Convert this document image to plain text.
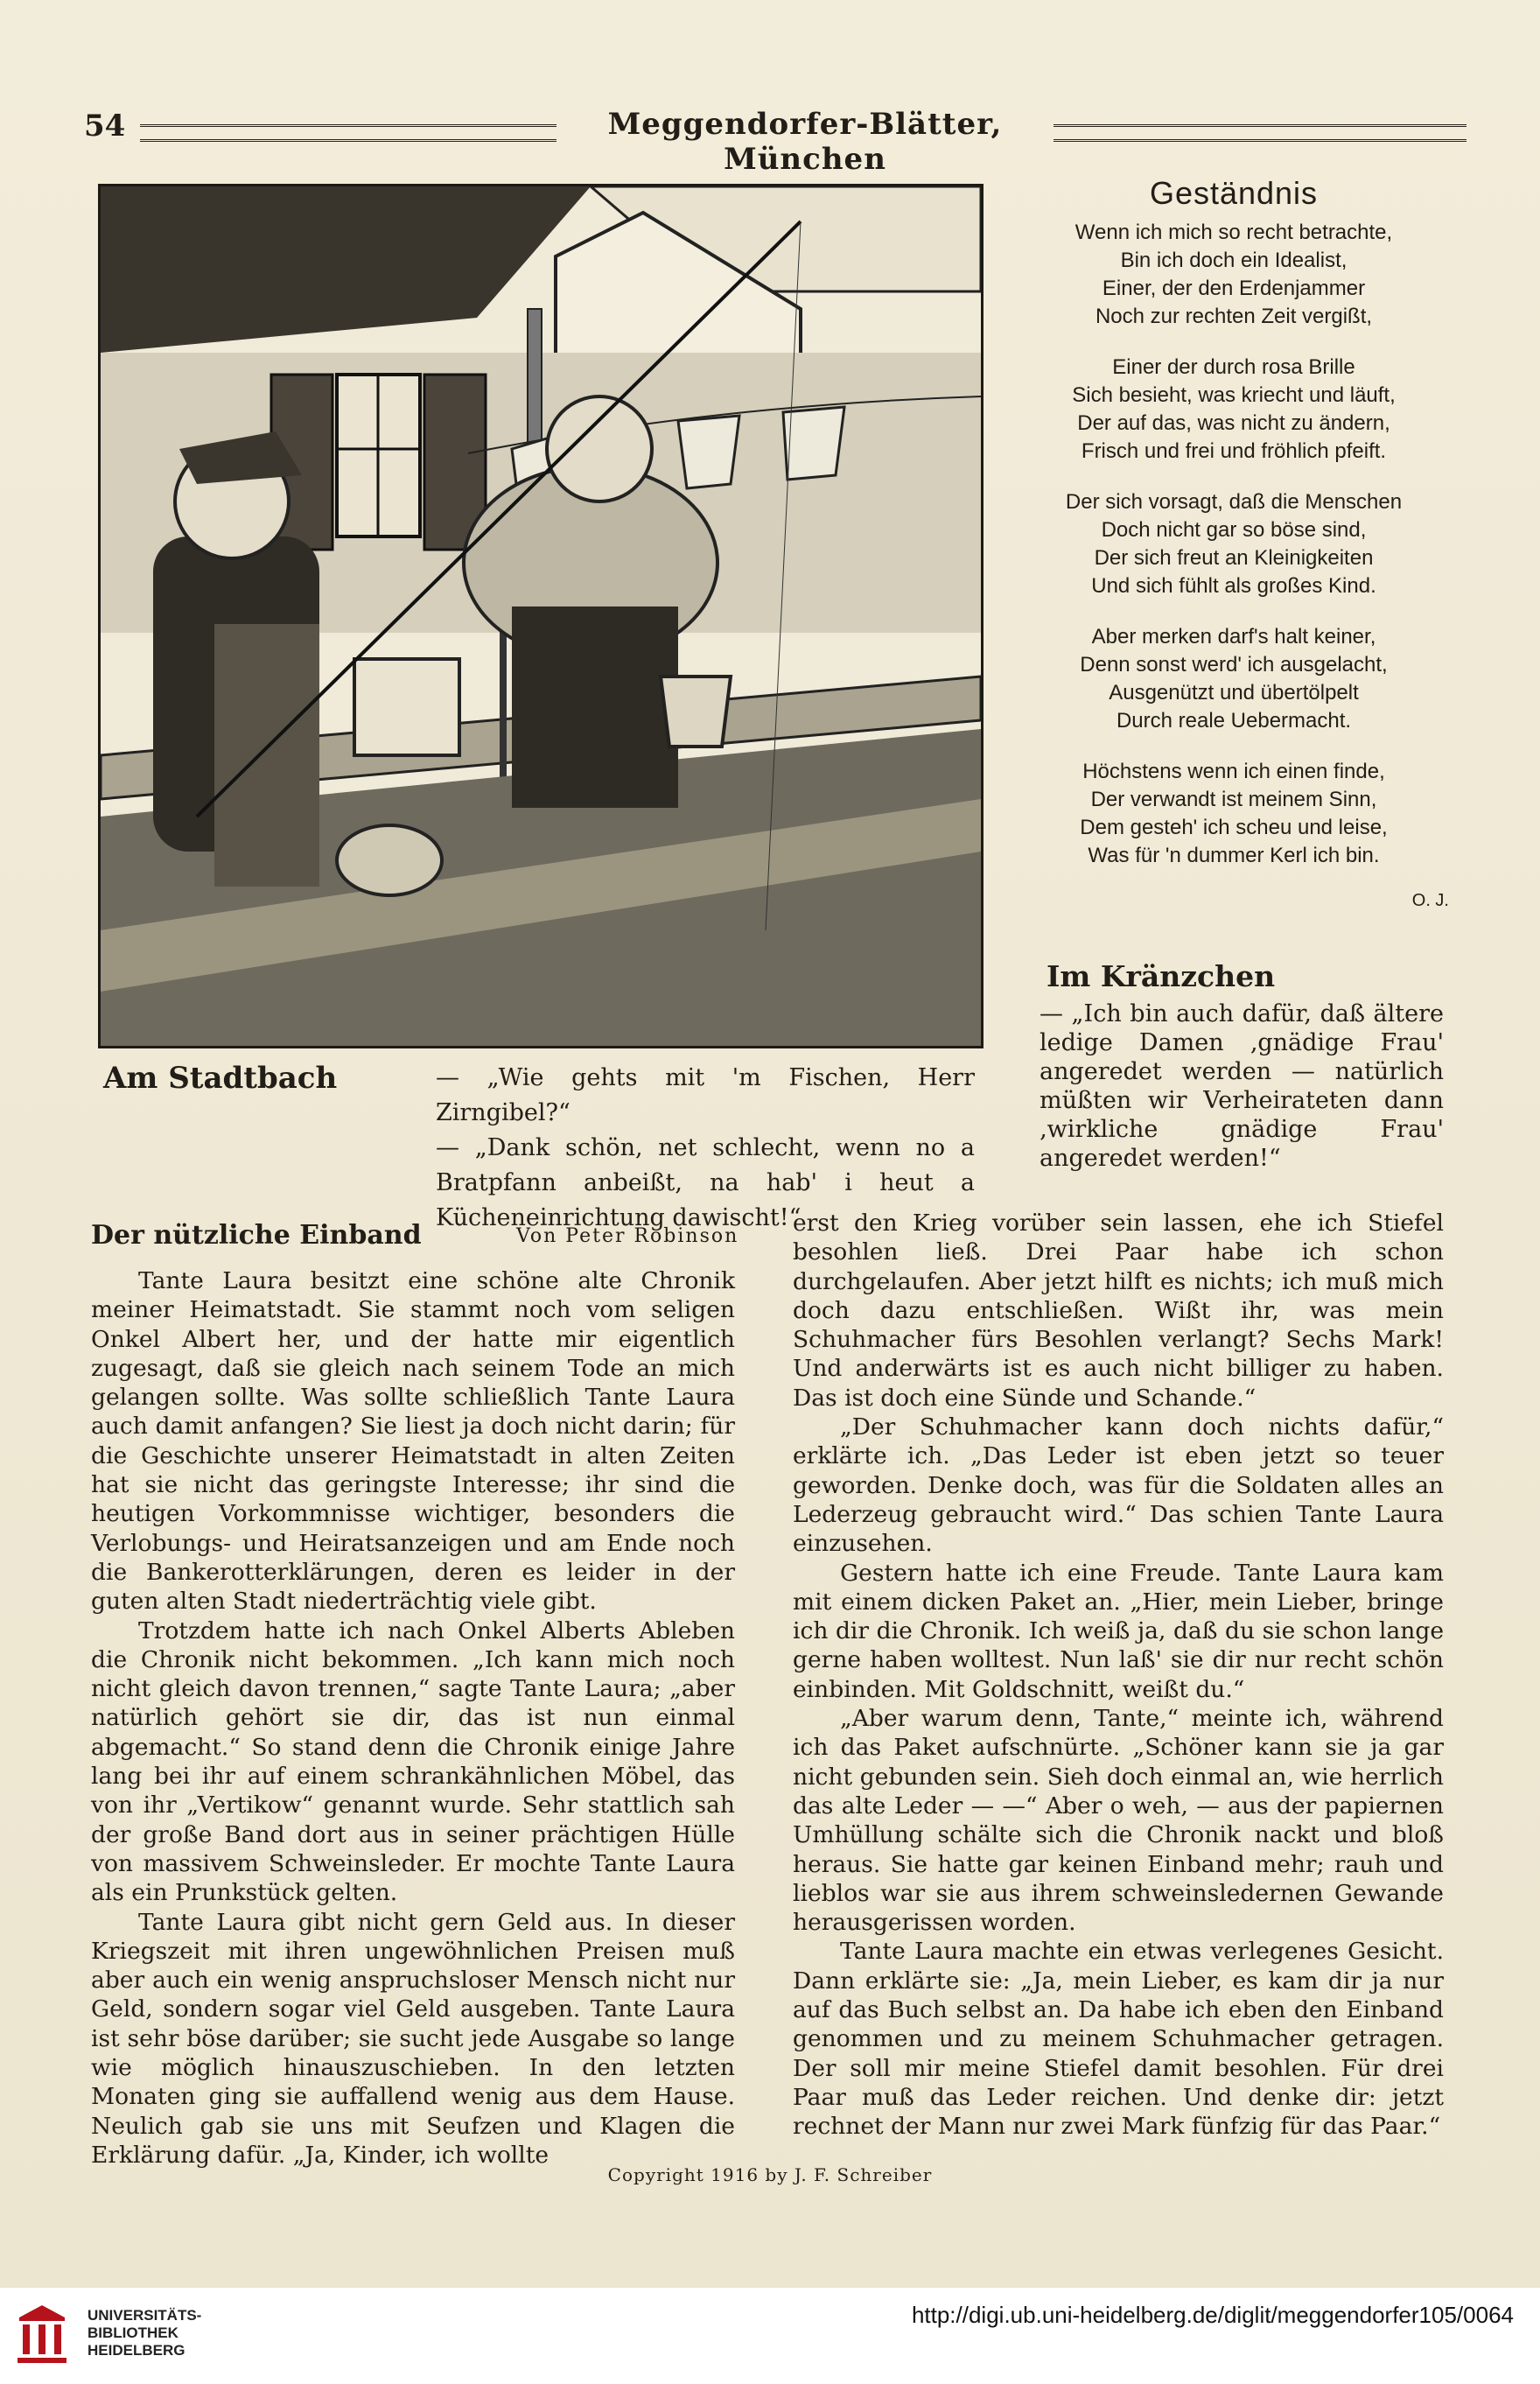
54	Meggendorfer-Blätter, München
Am Stadtbach	— „Wie gehts mit 'm Fischen, Herr Zirngibel?“

— „Dank schön, net schlecht, wenn no a Bratpfann anbeißt, na hab' i heut a Kücheneinrichtung dawischt!“

Geständnis
Wenn ich mich so recht betrachte,
Bin ich doch ein Idealist,
Einer, der den Erdenjammer
Noch zur rechten Zeit vergißt,
Einer der durch rosa Brille
Sich besieht, was kriecht und läuft,
Der auf das, was nicht zu ändern,
Frisch und frei und fröhlich pfeift.
Der sich vorsagt, daß die Menschen
Doch nicht gar so böse sind,
Der sich freut an Kleinigkeiten
Und sich fühlt als großes Kind.
Aber merken darf's halt keiner,
Denn sonst werd' ich ausgelacht,
Ausgenützt und übertölpelt
Durch reale Uebermacht.
Höchstens wenn ich einen finde,
Der verwandt ist meinem Sinn,
Dem gesteh' ich scheu und leise,
Was für 'n dummer Kerl ich bin.
O. J.
Im Kränzchen
— „Ich bin auch dafür, daß ältere ledige Damen ‚gnädige Frau' angeredet werden — natürlich müßten wir Verheirateten dann ‚wirkliche gnädige Frau' angeredet werden!“
Der nützliche Einband	Von Peter Robinson

Tante Laura besitzt eine schöne alte Chronik meiner Heimatstadt. Sie stammt noch vom seligen Onkel Albert her, und der hatte mir eigentlich zugesagt, daß sie gleich nach seinem Tode an mich gelangen sollte. Was sollte schließlich Tante Laura auch damit anfangen? Sie liest ja doch nicht darin; für die Geschichte unserer Heimatstadt in alten Zeiten hat sie nicht das geringste Interesse; ihr sind die heutigen Vorkommnisse wichtiger, besonders die Verlobungs- und Heiratsanzeigen und am Ende noch die Bankerotterklärungen, deren es leider in der guten alten Stadt niederträchtig viele gibt.

Trotzdem hatte ich nach Onkel Alberts Ableben die Chronik nicht bekommen. „Ich kann mich noch nicht gleich davon trennen,“ sagte Tante Laura; „aber natürlich gehört sie dir, das ist nun einmal abgemacht.“ So stand denn die Chronik einige Jahre lang bei ihr auf einem schrankähnlichen Möbel, das von ihr „Vertikow“ genannt wurde. Sehr stattlich sah der große Band dort aus in seiner prächtigen Hülle von massivem Schweinsleder. Er mochte Tante Laura als ein Prunkstück gelten.

Tante Laura gibt nicht gern Geld aus. In dieser Kriegszeit mit ihren ungewöhnlichen Preisen muß aber auch ein wenig anspruchsloser Mensch nicht nur Geld, sondern sogar viel Geld ausgeben. Tante Laura ist sehr böse darüber; sie sucht jede Ausgabe so lange wie möglich hinauszuschieben. In den letzten Monaten ging sie auffallend wenig aus dem Hause. Neulich gab sie uns mit Seufzen und Klagen die Erklärung dafür. „Ja, Kinder, ich wollte

erst den Krieg vorüber sein lassen, ehe ich Stiefel besohlen ließ. Drei Paar habe ich schon durchgelaufen. Aber jetzt hilft es nichts; ich muß mich doch dazu entschließen. Wißt ihr, was mein Schuhmacher fürs Besohlen verlangt? Sechs Mark! Und anderwärts ist es auch nicht billiger zu haben. Das ist doch eine Sünde und Schande.“

„Der Schuhmacher kann doch nichts dafür,“ erklärte ich. „Das Leder ist eben jetzt so teuer geworden. Denke doch, was für die Soldaten alles an Lederzeug gebraucht wird.“ Das schien Tante Laura einzusehen.

Gestern hatte ich eine Freude. Tante Laura kam mit einem dicken Paket an. „Hier, mein Lieber, bringe ich dir die Chronik. Ich weiß ja, daß du sie schon lange gerne haben wolltest. Nun laß' sie dir nur recht schön einbinden. Mit Goldschnitt, weißt du.“

„Aber warum denn, Tante,“ meinte ich, während ich das Paket aufschnürte. „Schöner kann sie ja gar nicht gebunden sein. Sieh doch einmal an, wie herrlich das alte Leder — —“ Aber o weh, — aus der papiernen Umhüllung schälte sich die Chronik nackt und bloß heraus. Sie hatte gar keinen Einband mehr; rauh und lieblos war sie aus ihrem schweinsledernen Gewande herausgerissen worden.

Tante Laura machte ein etwas verlegenes Gesicht. Dann erklärte sie: „Ja, mein Lieber, es kam dir ja nur auf das Buch selbst an. Da habe ich eben den Einband genommen und zu meinem Schuhmacher getragen. Der soll mir meine Stiefel damit besohlen. Für drei Paar muß das Leder reichen. Und denke dir: jetzt rechnet der Mann nur zwei Mark fünfzig für das Paar.“

Copyright 1916 by J. F. Schreiber
UNIVERSITÄTS-
BIBLIOTHEK
HEIDELBERG
http://digi.ub.uni-heidelberg.de/diglit/meggendorfer105/0064
